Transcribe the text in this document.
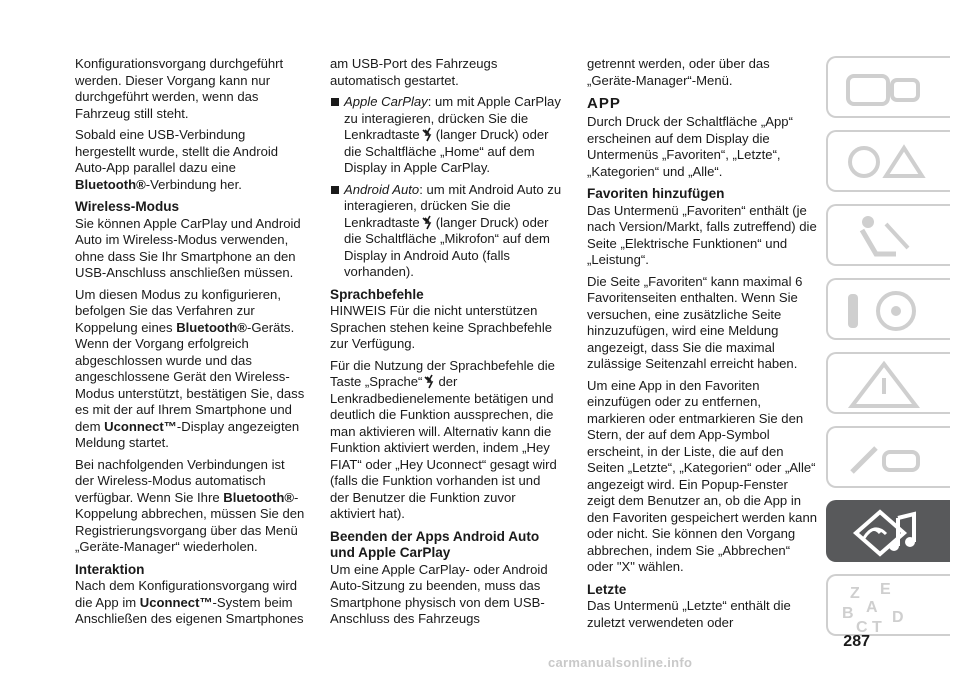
Konfigurationsvorgang durchgeführt werden. Dieser Vorgang kann nur durchgeführt werden, wenn das Fahrzeug still steht.

Sobald eine USB-Verbindung hergestellt wurde, stellt die Android Auto-App parallel dazu eine Bluetooth®-Verbindung her.

Wireless-Modus

Sie können Apple CarPlay und Android Auto im Wireless-Modus verwenden, ohne dass Sie Ihr Smartphone an den USB-Anschluss anschließen müssen.

Um diesen Modus zu konfigurieren, befolgen Sie das Verfahren zur Koppelung eines Bluetooth®-Geräts. Wenn der Vorgang erfolgreich abgeschlossen wurde und das angeschlossene Gerät den Wireless-Modus unterstützt, bestätigen Sie, dass es mit der auf Ihrem Smartphone und dem Uconnect™-Display angezeigten Meldung startet.

Bei nachfolgenden Verbindungen ist der Wireless-Modus automatisch verfügbar. Wenn Sie Ihre Bluetooth®-Koppelung abbrechen, müssen Sie den Registrierungsvorgang über das Menü „Geräte-Manager“ wiederholen.

Interaktion

Nach dem Konfigurationsvorgang wird die App im Uconnect™-System beim Anschließen des eigenen Smartphones

am USB-Port des Fahrzeugs automatisch gestartet.

Apple CarPlay: um mit Apple CarPlay zu interagieren, drücken Sie die Lenkradtaste (langer Druck) oder die Schaltfläche „Home“ auf dem Display in Apple CarPlay.

Android Auto: um mit Android Auto zu interagieren, drücken Sie die Lenkradtaste (langer Druck) oder die Schaltfläche „Mikrofon“ auf dem Display in Android Auto (falls vorhanden).

Sprachbefehle

HINWEIS Für die nicht unterstützen Sprachen stehen keine Sprachbefehle zur Verfügung.

Für die Nutzung der Sprachbefehle die Taste „Sprache“ der Lenkradbedienelemente betätigen und deutlich die Funktion aussprechen, die man aktivieren will. Alternativ kann die Funktion aktiviert werden, indem „Hey FIAT“ oder „Hey Uconnect“ gesagt wird (falls die Funktion vorhanden ist und der Benutzer die Funktion zuvor aktiviert hat).

Beenden der Apps Android Auto und Apple CarPlay

Um eine Apple CarPlay- oder Android Auto-Sitzung zu beenden, muss das Smartphone physisch von dem USB-Anschluss des Fahrzeugs

getrennt werden, oder über das „Geräte-Manager“-Menü.

APP

Durch Druck der Schaltfläche „App“ erscheinen auf dem Display die Untermenüs „Favoriten“, „Letzte“, „Kategorien“ und „Alle“.

Favoriten hinzufügen

Das Untermenü „Favoriten“ enthält (je nach Version/Markt, falls zutreffend) die Seite „Elektrische Funktionen“ und „Leistung“.

Die Seite „Favoriten“ kann maximal 6 Favoritenseiten enthalten. Wenn Sie versuchen, eine zusätzliche Seite hinzuzufügen, wird eine Meldung angezeigt, dass Sie die maximal zulässige Seitenzahl erreicht haben.

Um eine App in den Favoriten einzufügen oder zu entfernen, markieren oder entmarkieren Sie den Stern, der auf dem App-Symbol erscheint, in der Liste, die auf den Seiten „Letzte“, „Kategorien“ oder „Alle“ angezeigt wird. Ein Popup-Fenster zeigt dem Benutzer an, ob die App in den Favoriten gespeichert werden kann oder nicht. Sie können den Vorgang abbrechen, indem Sie „Abbrechen“ oder "X" wählen.

Letzte

Das Untermenü „Letzte“ enthält die zuletzt verwendeten oder

Z E
B A
C T
D
287
carmanualsonline.info
